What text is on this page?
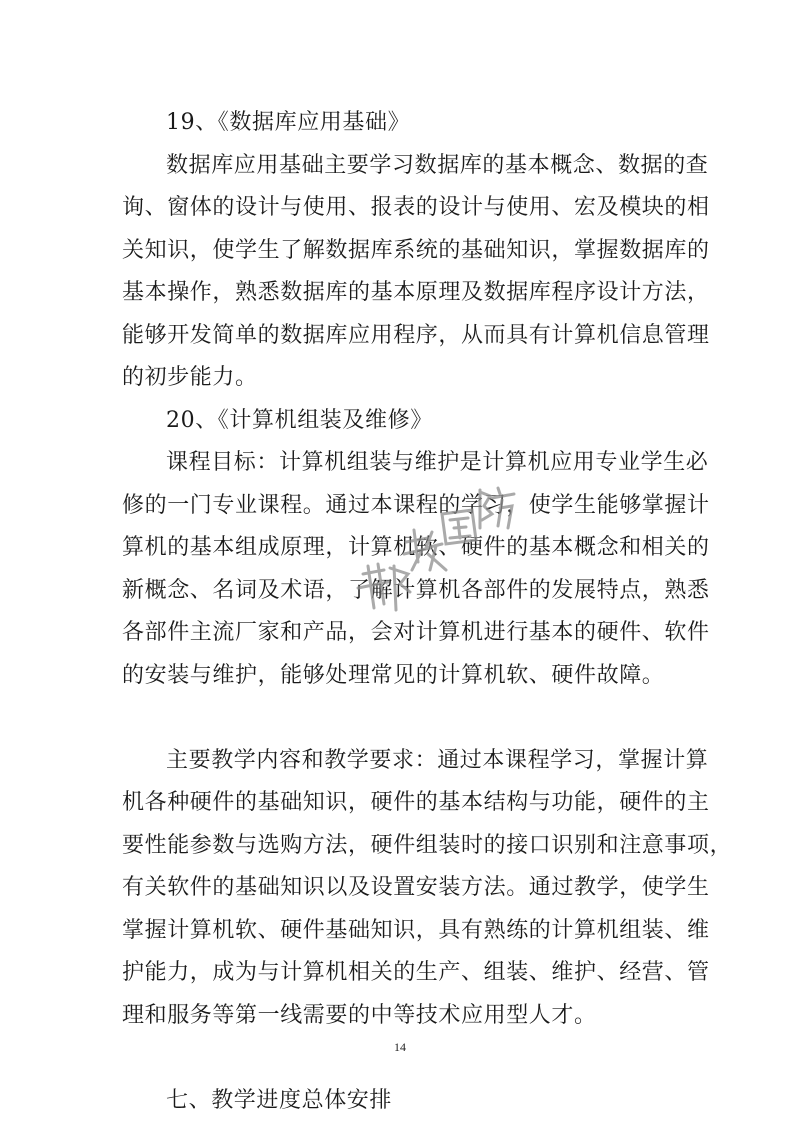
19、《数据库应用基础》
数据库应用基础主要学习数据库的基本概念、数据的查
询、窗体的设计与使用、报表的设计与使用、宏及模块的相
关知识，使学生了解数据库系统的基础知识，掌握数据库的
基本操作，熟悉数据库的基本原理及数据库程序设计方法，
能够开发简单的数据库应用程序，从而具有计算机信息管理
的初步能力。
20、《计算机组装及维修》
课程目标：计算机组装与维护是计算机应用专业学生必
修的一门专业课程。通过本课程的学习，使学生能够掌握计
算机的基本组成原理，计算机软、硬件的基本概念和相关的
新概念、名词及术语，了解计算机各部件的发展特点，熟悉
各部件主流厂家和产品，会对计算机进行基本的硬件、软件
的安装与维护，能够处理常见的计算机软、硬件故障。
主要教学内容和教学要求：通过本课程学习，掌握计算
机各种硬件的基础知识，硬件的基本结构与功能，硬件的主
要性能参数与选购方法，硬件组装时的接口识别和注意事项，
有关软件的基础知识以及设置安装方法。通过教学，使学生
掌握计算机软、硬件基础知识，具有熟练的计算机组装、维
护能力，成为与计算机相关的生产、组装、维护、经营、管
理和服务等第一线需要的中等技术应用型人才。
七、教学进度总体安排
14
